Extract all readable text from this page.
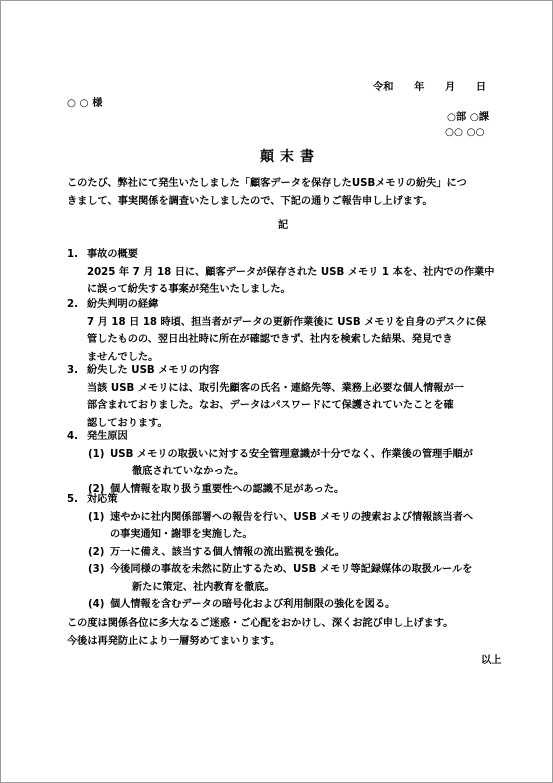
令和　　年　　月　　日
○ ○ 様
○部 ○課
○○ ○○
顛末書
このたび、弊社にて発生いたしました「顧客データを保存したUSBメモリの紛失」につ
きまして、事実関係を調査いたしましたので、下記の通りご報告申し上げます。
記
1. 事故の概要
2025 年 7 月 18 日に、顧客データが保存された USB メモリ 1 本を、社内での作業中
に誤って紛失する事案が発生いたしました。
2. 紛失判明の経緯
7 月 18 日 18 時頃、担当者がデータの更新作業後に USB メモリを自身のデスクに保
管したものの、翌日出社時に所在が確認できず、社内を検索した結果、発見でき
ませんでした。
3. 紛失した USB メモリの内容
当該 USB メモリには、取引先顧客の氏名・連絡先等、業務上必要な個人情報が一
部含まれておりました。なお、データはパスワードにて保護されていたことを確
認しております。
4. 発生原因
(1) USB メモリの取扱いに対する安全管理意識が十分でなく、作業後の管理手順が
徹底されていなかった。
(2) 個人情報を取り扱う重要性への認識不足があった。
5. 対応策
(1) 速やかに社内関係部署への報告を行い、USB メモリの捜索および情報該当者へ
の事実通知・謝罪を実施した。
(2) 万一に備え、該当する個人情報の流出監視を強化。
(3) 今後同様の事故を未然に防止するため、USB メモリ等記録媒体の取扱ルールを
新たに策定、社内教育を徹底。
(4) 個人情報を含むデータの暗号化および利用制限の強化を図る。
この度は関係各位に多大なるご迷惑・ご心配をおかけし、深くお詫び申し上げます。
今後は再発防止により一層努めてまいります。
以上
